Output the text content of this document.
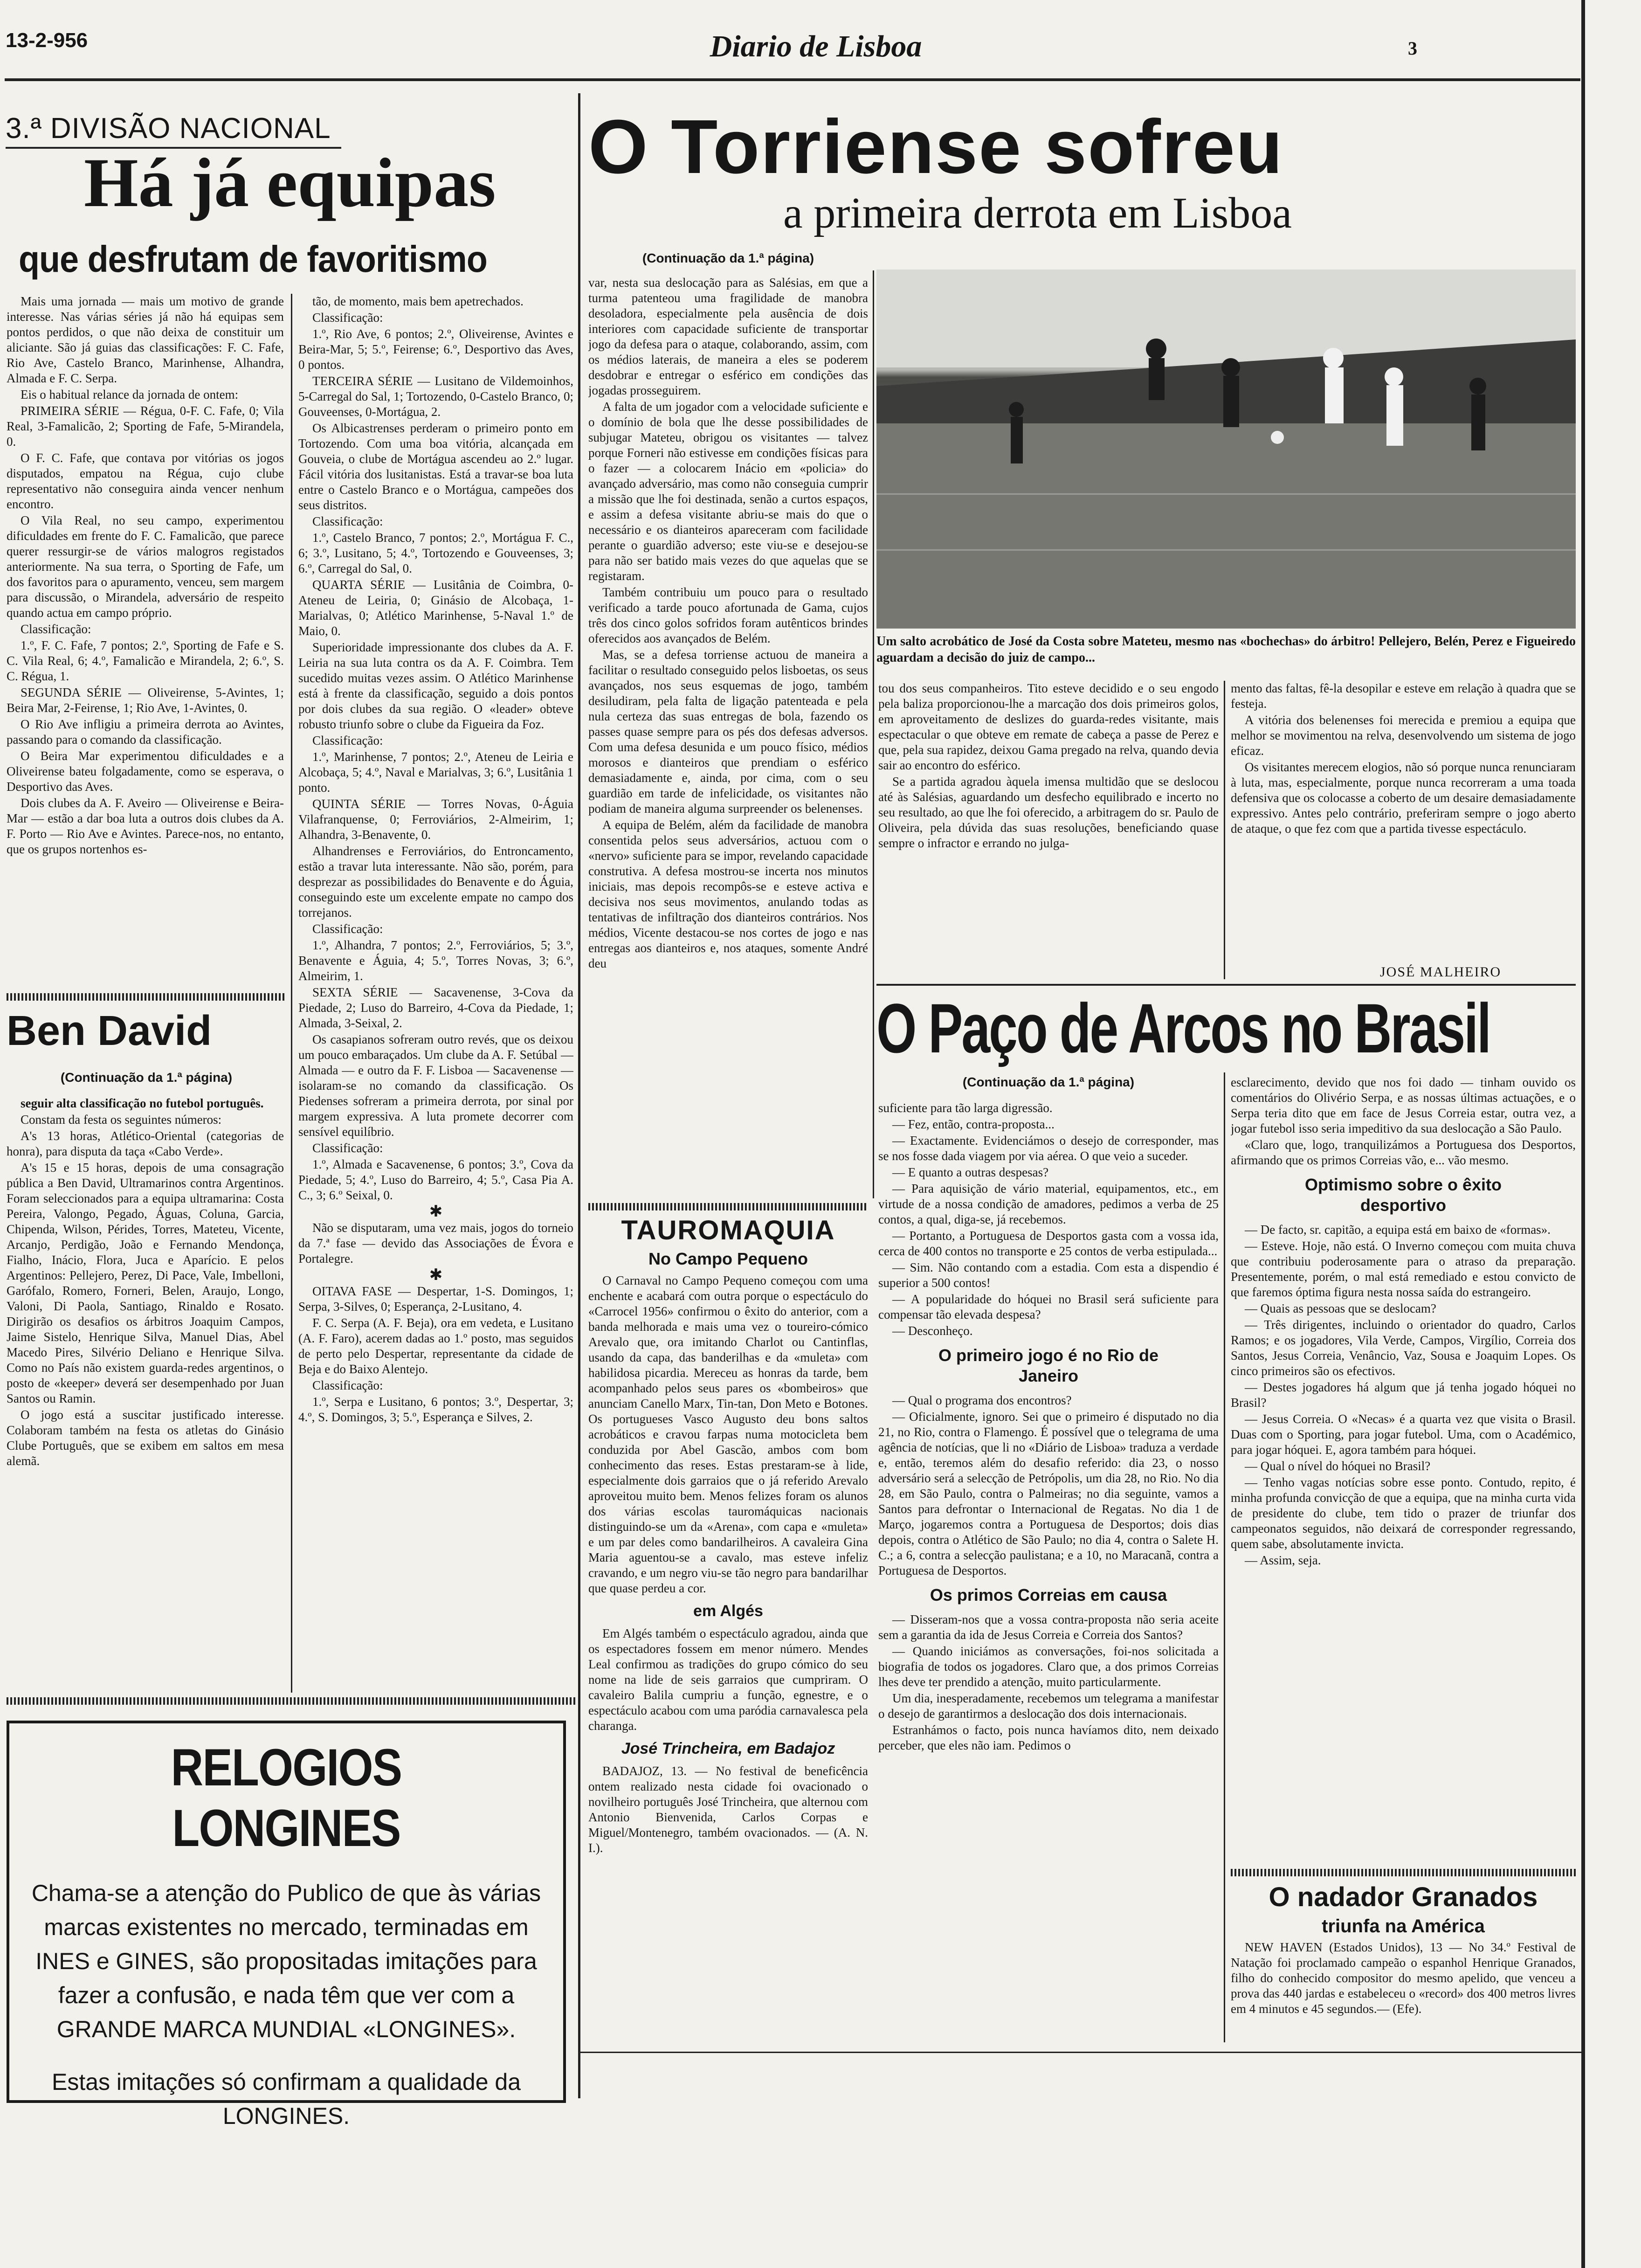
13-2-956	Diario de Lisboa	3
3.ª DIVISÃO NACIONAL
Há já equipas
que desfrutam de favoritismo

Mais uma jornada — mais um motivo de grande interesse. Nas várias séries já não há equipas sem pontos perdidos, o que não deixa de constituir um aliciante. São já guias das classificações: F. C. Fafe, Rio Ave, Castelo Branco, Marinhense, Alhandra, Almada e F. C. Serpa.

Eis o habitual relance da jornada de ontem:

PRIMEIRA SÉRIE — Régua, 0-F. C. Fafe, 0; Vila Real, 3-Famalicão, 2; Sporting de Fafe, 5-Mirandela, 0.

O F. C. Fafe, que contava por vitórias os jogos disputados, empatou na Régua, cujo clube representativo não conseguira ainda vencer nenhum encontro.

O Vila Real, no seu campo, experimentou dificuldades em frente do F. C. Famalicão, que parece querer ressurgir-se de vários malogros registados anteriormente. Na sua terra, o Sporting de Fafe, um dos favoritos para o apuramento, venceu, sem margem para discussão, o Mirandela, adversário de respeito quando actua em campo próprio.

Classificação:

1.º, F. C. Fafe, 7 pontos; 2.º, Sporting de Fafe e S. C. Vila Real, 6; 4.º, Famalicão e Mirandela, 2; 6.º, S. C. Régua, 1.

SEGUNDA SÉRIE — Oliveirense, 5-Avintes, 1; Beira Mar, 2-Feirense, 1; Rio Ave, 1-Avintes, 0.

O Rio Ave infligiu a primeira derrota ao Avintes, passando para o comando da classificação.

O Beira Mar experimentou dificuldades e a Oliveirense bateu folgadamente, como se esperava, o Desportivo das Aves.

Dois clubes da A. F. Aveiro — Oliveirense e Beira-Mar — estão a dar boa luta a outros dois clubes da A. F. Porto — Rio Ave e Avintes. Parece-nos, no entanto, que os grupos nortenhos es-

tão, de momento, mais bem apetrechados.

Classificação:

1.º, Rio Ave, 6 pontos; 2.º, Oliveirense, Avintes e Beira-Mar, 5; 5.º, Feirense; 6.º, Desportivo das Aves, 0 pontos.

TERCEIRA SÉRIE — Lusitano de Vildemoinhos, 5-Carregal do Sal, 1; Tortozendo, 0-Castelo Branco, 0; Gouveenses, 0-Mortágua, 2.

Os Albicastrenses perderam o primeiro ponto em Tortozendo. Com uma boa vitória, alcançada em Gouveia, o clube de Mortágua ascendeu ao 2.º lugar. Fácil vitória dos lusitanistas. Está a travar-se boa luta entre o Castelo Branco e o Mortágua, campeões dos seus distritos.

Classificação:

1.º, Castelo Branco, 7 pontos; 2.º, Mortágua F. C., 6; 3.º, Lusitano, 5; 4.º, Tortozendo e Gouveenses, 3; 6.º, Carregal do Sal, 0.

QUARTA SÉRIE — Lusitânia de Coimbra, 0-Ateneu de Leiria, 0; Ginásio de Alcobaça, 1-Marialvas, 0; Atlético Marinhense, 5-Naval 1.º de Maio, 0.

Superioridade impressionante dos clubes da A. F. Leiria na sua luta contra os da A. F. Coimbra. Tem sucedido muitas vezes assim. O Atlético Marinhense está à frente da classificação, seguido a dois pontos por dois clubes da sua região. O «leader» obteve robusto triunfo sobre o clube da Figueira da Foz.

Classificação:

1.º, Marinhense, 7 pontos; 2.º, Ateneu de Leiria e Alcobaça, 5; 4.º, Naval e Marialvas, 3; 6.º, Lusitânia 1 ponto.

QUINTA SÉRIE — Torres Novas, 0-Águia Vilafranquense, 0; Ferroviários, 2-Almeirim, 1; Alhandra, 3-Benavente, 0.

Alhandrenses e Ferroviários, do Entroncamento, estão a travar luta interessante. Não são, porém, para desprezar as possibilidades do Benavente e do Águia, conseguindo este um excelente empate no campo dos torrejanos.

Classificação:

1.º, Alhandra, 7 pontos; 2.º, Ferroviários, 5; 3.º, Benavente e Águia, 4; 5.º, Torres Novas, 3; 6.º, Almeirim, 1.

SEXTA SÉRIE — Sacavenense, 3-Cova da Piedade, 2; Luso do Barreiro, 4-Cova da Piedade, 1; Almada, 3-Seixal, 2.

Os casapianos sofreram outro revés, que os deixou um pouco embaraçados. Um clube da A. F. Setúbal — Almada — e outro da F. F. Lisboa — Sacavenense — isolaram-se no comando da classificação. Os Piedenses sofreram a primeira derrota, por sinal por margem expressiva. A luta promete decorrer com sensível equilíbrio.

Classificação:

1.º, Almada e Sacavenense, 6 pontos; 3.º, Cova da Piedade, 5; 4.º, Luso do Barreiro, 4; 5.º, Casa Pia A. C., 3; 6.º Seixal, 0.

✱

Não se disputaram, uma vez mais, jogos do torneio da 7.ª fase — devido das Associações de Évora e Portalegre.

✱

OITAVA FASE — Despertar, 1-S. Domingos, 1; Serpa, 3-Silves, 0; Esperança, 2-Lusitano, 4.

F. C. Serpa (A. F. Beja), ora em vedeta, e Lusitano (A. F. Faro), acerem dadas ao 1.º posto, mas seguidos de perto pelo Despertar, representante da cidade de Beja e do Baixo Alentejo.

Classificação:

1.º, Serpa e Lusitano, 6 pontos; 3.º, Despertar, 3; 4.º, S. Domingos, 3; 5.º, Esperança e Silves, 2.

Ben David
(Continuação da 1.ª página)

seguir alta classificação no futebol português.

Constam da festa os seguintes números:

A's 13 horas, Atlético-Oriental (categorias de honra), para disputa da taça «Cabo Verde».

A's 15 e 15 horas, depois de uma consagração pública a Ben David, Ultramarinos contra Argentinos. Foram seleccionados para a equipa ultramarina: Costa Pereira, Valongo, Pegado, Águas, Coluna, Garcia, Chipenda, Wilson, Pérides, Torres, Mateteu, Vicente, Arcanjo, Perdigão, João e Fernando Mendonça, Fialho, Inácio, Flora, Juca e Aparício. E pelos Argentinos: Pellejero, Perez, Di Pace, Vale, Imbelloni, Garófalo, Romero, Forneri, Belen, Araujo, Longo, Valoni, Di Paola, Santiago, Rinaldo e Rosato. Dirigirão os desafios os árbitros Joaquim Campos, Jaime Sistelo, Henrique Silva, Manuel Dias, Abel Macedo Pires, Silvério Deliano e Henrique Silva. Como no País não existem guarda-redes argentinos, o posto de «keeper» deverá ser desempenhado por Juan Santos ou Ramin.

O jogo está a suscitar justificado interesse. Colaboram também na festa os atletas do Ginásio Clube Português, que se exibem em saltos em mesa alemã.

RELOGIOS LONGINES
Chama-se a atenção do Publico de que às várias marcas existentes no mercado, terminadas em INES e GINES, são propositadas imitações para fazer a confusão, e nada têm que ver com a GRANDE MARCA MUNDIAL «LONGINES».
Estas imitações só confirmam a qualidade da LONGINES.
O Torriense sofreu
a primeira derrota em Lisboa
(Continuação da 1.ª página)

var, nesta sua deslocação para as Salésias, em que a turma patenteou uma fragilidade de manobra desoladora, especialmente pela ausência de dois interiores com capacidade suficiente de transportar jogo da defesa para o ataque, colaborando, assim, com os médios laterais, de maneira a eles se poderem desdobrar e entregar o esférico em condições das jogadas prosseguirem.

A falta de um jogador com a velocidade suficiente e o domínio de bola que lhe desse possibilidades de subjugar Mateteu, obrigou os visitantes — talvez porque Forneri não estivesse em condições físicas para o fazer — a colocarem Inácio em «policia» do avançado adversário, mas como não conseguia cumprir a missão que lhe foi destinada, senão a curtos espaços, e assim a defesa visitante abriu-se mais do que o necessário e os dianteiros apareceram com facilidade perante o guardião adverso; este viu-se e desejou-se para não ser batido mais vezes do que aquelas que se registaram.

Também contribuiu um pouco para o resultado verificado a tarde pouco afortunada de Gama, cujos três dos cinco golos sofridos foram autênticos brindes oferecidos aos avançados de Belém.

Mas, se a defesa torriense actuou de maneira a facilitar o resultado conseguido pelos lisboetas, os seus avançados, nos seus esquemas de jogo, também desiludiram, pela falta de ligação patenteada e pela nula certeza das suas entregas de bola, fazendo os passes quase sempre para os pés dos defesas adversos. Com uma defesa desunida e um pouco físico, médios morosos e dianteiros que prendiam o esférico demasiadamente e, ainda, por cima, com o seu guardião em tarde de infelicidade, os visitantes não podiam de maneira alguma surpreender os belenenses.

A equipa de Belém, além da facilidade de manobra consentida pelos seus adversários, actuou com o «nervo» suficiente para se impor, revelando capacidade construtiva. A defesa mostrou-se incerta nos minutos iniciais, mas depois recompôs-se e esteve activa e decisiva nos seus movimentos, anulando todas as tentativas de infiltração dos dianteiros contrários. Nos médios, Vicente destacou-se nos cortes de jogo e nas entregas aos dianteiros e, nos ataques, somente André deu

Um salto acrobático de José da Costa sobre Mateteu, mesmo nas «bochechas» do árbitro! Pellejero, Belén, Perez e Figueiredo aguardam a decisão do juiz de campo...

tou dos seus companheiros. Tito esteve decidido e o seu engodo pela baliza proporcionou-lhe a marcação dos dois primeiros golos, em aproveitamento de deslizes do guarda-redes visitante, mais espectacular o que obteve em remate de cabeça a passe de Perez e que, pela sua rapidez, deixou Gama pregado na relva, quando devia sair ao encontro do esférico.

Se a partida agradou àquela imensa multidão que se deslocou até às Salésias, aguardando um desfecho equilibrado e incerto no seu resultado, ao que lhe foi oferecido, a arbitragem do sr. Paulo de Oliveira, pela dúvida das suas resoluções, beneficiando quase sempre o infractor e errando no julga-

mento das faltas, fê-la desopilar e esteve em relação à quadra que se festeja.

A vitória dos belenenses foi merecida e premiou a equipa que melhor se movimentou na relva, desenvolvendo um sistema de jogo eficaz.

Os visitantes merecem elogios, não só porque nunca renunciaram à luta, mas, especialmente, porque nunca recorreram a uma toada defensiva que os colocasse a coberto de um desaire demasiadamente expressivo. Antes pelo contrário, preferiram sempre o jogo aberto de ataque, o que fez com que a partida tivesse espectáculo.

JOSÉ MALHEIRO
O Paço de Arcos no Brasil
(Continuação da 1.ª página)

suficiente para tão larga digressão.

— Fez, então, contra-proposta...

— Exactamente. Evidenciámos o desejo de corresponder, mas se nos fosse dada viagem por via aérea. O que veio a suceder.

— E quanto a outras despesas?

— Para aquisição de vário material, equipamentos, etc., em virtude de a nossa condição de amadores, pedimos a verba de 25 contos, a qual, diga-se, já recebemos.

— Portanto, a Portuguesa de Desportos gasta com a vossa ida, cerca de 400 contos no transporte e 25 contos de verba estipulada...

— Sim. Não contando com a estadia. Com esta a dispendio é superior a 500 contos!

— A popularidade do hóquei no Brasil será suficiente para compensar tão elevada despesa?

— Desconheço.

O primeiro jogo é no Rio de Janeiro

— Qual o programa dos encontros?

— Oficialmente, ignoro. Sei que o primeiro é disputado no dia 21, no Rio, contra o Flamengo. É possível que o telegrama de uma agência de notícias, que li no «Diário de Lisboa» traduza a verdade e, então, teremos além do desafio referido: dia 23, o nosso adversário será a selecção de Petrópolis, um dia 28, no Rio. No dia 28, em São Paulo, contra o Palmeiras; no dia seguinte, vamos a Santos para defrontar o Internacional de Regatas. No dia 1 de Março, jogaremos contra a Portuguesa de Desportos; dois dias depois, contra o Atlético de São Paulo; no dia 4, contra o Salete H. C.; a 6, contra a selecção paulistana; e a 10, no Maracanã, contra a Portuguesa de Desportos.

Os primos Correias em causa

— Disseram-nos que a vossa contra-proposta não seria aceite sem a garantia da ida de Jesus Correia e Correia dos Santos?

— Quando iniciámos as conversações, foi-nos solicitada a biografia de todos os jogadores. Claro que, a dos primos Correias lhes deve ter prendido a atenção, muito particularmente.

Um dia, inesperadamente, recebemos um telegrama a manifestar o desejo de garantirmos a deslocação dos dois internacionais.

Estranhámos o facto, pois nunca havíamos dito, nem deixado perceber, que eles não iam. Pedimos o

esclarecimento, devido que nos foi dado — tinham ouvido os comentários do Olivério Serpa, e as nossas últimas actuações, e o Serpa teria dito que em face de Jesus Correia estar, outra vez, a jogar futebol isso seria impeditivo da sua deslocação a São Paulo.

«Claro que, logo, tranquilizámos a Portuguesa dos Desportos, afirmando que os primos Correias vão, e... vão mesmo.

Optimismo sobre o êxito desportivo

— De facto, sr. capitão, a equipa está em baixo de «formas».

— Esteve. Hoje, não está. O Inverno começou com muita chuva que contribuiu poderosamente para o atraso da preparação. Presentemente, porém, o mal está remediado e estou convicto de que faremos óptima figura nesta nossa saída do estrangeiro.

— Quais as pessoas que se deslocam?

— Três dirigentes, incluindo o orientador do quadro, Carlos Ramos; e os jogadores, Vila Verde, Campos, Virgílio, Correia dos Santos, Jesus Correia, Venâncio, Vaz, Sousa e Joaquim Lopes. Os cinco primeiros são os efectivos.

— Destes jogadores há algum que já tenha jogado hóquei no Brasil?

— Jesus Correia. O «Necas» é a quarta vez que visita o Brasil. Duas com o Sporting, para jogar futebol. Uma, com o Académico, para jogar hóquei. E, agora também para hóquei.

— Qual o nível do hóquei no Brasil?

— Tenho vagas notícias sobre esse ponto. Contudo, repito, é minha profunda convicção de que a equipa, que na minha curta vida de presidente do clube, tem tido o prazer de triunfar dos campeonatos seguidos, não deixará de corresponder regressando, quem sabe, absolutamente invicta.

— Assim, seja.

O nadador Granados
triunfa na América

NEW HAVEN (Estados Unidos), 13 — No 34.º Festival de Natação foi proclamado campeão o espanhol Henrique Granados, filho do conhecido compositor do mesmo apelido, que venceu a prova das 440 jardas e estabeleceu o «record» dos 400 metros livres em 4 minutos e 45 segundos.— (Efe).

TAUROMAQUIA
No Campo Pequeno

O Carnaval no Campo Pequeno começou com uma enchente e acabará com outra porque o espectáculo do «Carrocel 1956» confirmou o êxito do anterior, com a banda melhorada e mais uma vez o toureiro-cómico Arevalo que, ora imitando Charlot ou Cantinflas, usando da capa, das banderilhas e da «muleta» com habilidosa picardia. Mereceu as honras da tarde, bem acompanhado pelos seus pares os «bombeiros» que anunciam Canello Marx, Tin-tan, Don Meto e Botones. Os portugueses Vasco Augusto deu bons saltos acrobáticos e cravou farpas numa motocicleta bem conduzida por Abel Gascão, ambos com bom conhecimento das reses. Estas prestaram-se à lide, especialmente dois garraios que o já referido Arevalo aproveitou muito bem. Menos felizes foram os alunos dos várias escolas tauromáquicas nacionais distinguindo-se um da «Arena», com capa e «muleta» e um par deles como bandarilheiros. A cavaleira Gina Maria aguentou-se a cavalo, mas esteve infeliz cravando, e um negro viu-se tão negro para bandarilhar que quase perdeu a cor.

em Algés

Em Algés também o espectáculo agradou, ainda que os espectadores fossem em menor número. Mendes Leal confirmou as tradições do grupo cómico do seu nome na lide de seis garraios que cumpriram. O cavaleiro Balila cumpriu a função, egnestre, e o espectáculo acabou com uma paródia carnavalesca pela charanga.

José Trincheira, em Badajoz

BADAJOZ, 13. — No festival de beneficência ontem realizado nesta cidade foi ovacionado o novilheiro português José Trincheira, que alternou com Antonio Bienvenida, Carlos Corpas e Miguel/Montenegro, também ovacionados. — (A. N. I.).
